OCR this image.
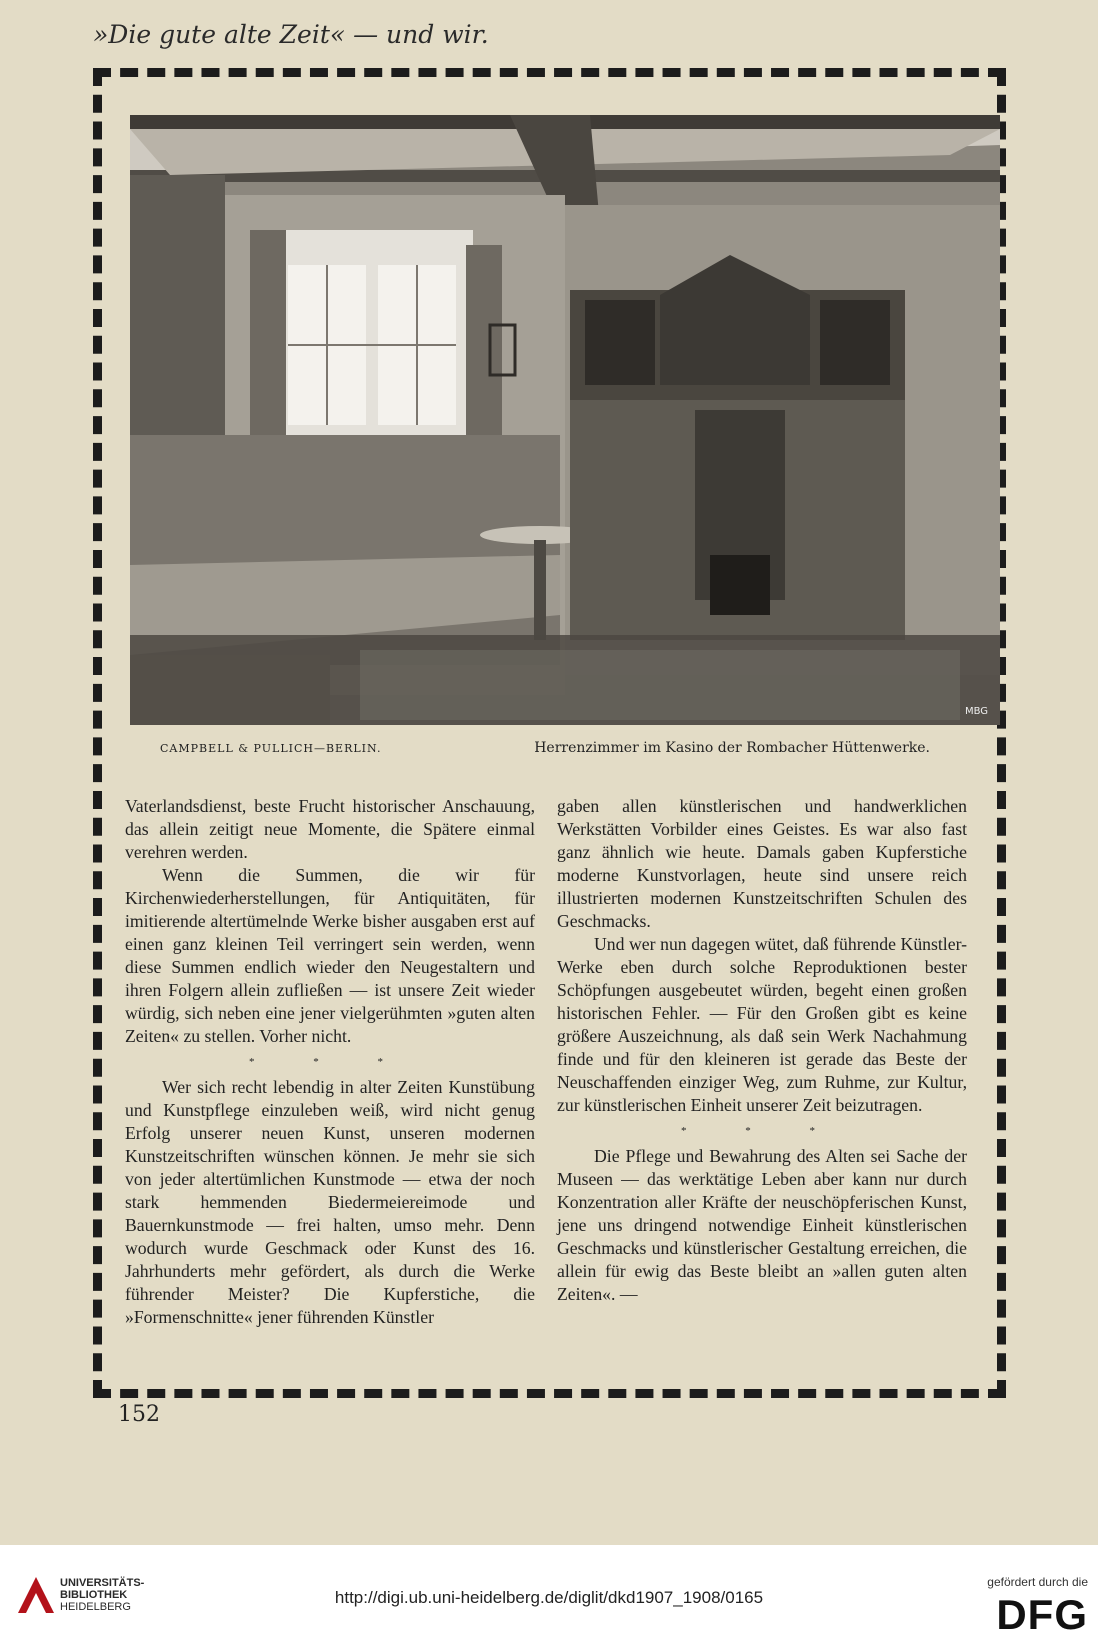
»Die gute alte Zeit« — und wir.
MBG
CAMPBELL & PULLICH—BERLIN.	Herrenzimmer im Kasino der Rombacher Hüttenwerke.

Vaterlandsdienst, beste Frucht historischer Anschauung, das allein zeitigt neue Momente, die Spätere einmal verehren werden.

Wenn die Summen, die wir für Kirchenwiederherstellungen, für Antiquitäten, für imitierende altertümelnde Werke bisher ausgaben erst auf einen ganz kleinen Teil verringert sein werden, wenn diese Summen endlich wieder den Neugestaltern und ihren Folgern allein zufließen — ist unsere Zeit wieder würdig, sich neben eine jener vielgerühmten »guten alten Zeiten« zu stellen. Vorher nicht.

* * *

Wer sich recht lebendig in alter Zeiten Kunstübung und Kunstpflege einzuleben weiß, wird nicht genug Erfolg unserer neuen Kunst, unseren modernen Kunstzeitschriften wünschen können. Je mehr sie sich von jeder altertümlichen Kunstmode — etwa der noch stark hemmenden Biedermeiereimode und Bauernkunstmode — frei halten, umso mehr. Denn wodurch wurde Geschmack oder Kunst des 16. Jahrhunderts mehr gefördert, als durch die Werke führender Meister? Die Kupferstiche, die »Formenschnitte« jener führenden Künstler

gaben allen künstlerischen und handwerklichen Werkstätten Vorbilder eines Geistes. Es war also fast ganz ähnlich wie heute. Damals gaben Kupferstiche moderne Kunstvorlagen, heute sind unsere reich illustrierten modernen Kunstzeitschriften Schulen des Geschmacks.

Und wer nun dagegen wütet, daß führende Künstler-Werke eben durch solche Reproduktionen bester Schöpfungen ausgebeutet würden, begeht einen großen historischen Fehler. — Für den Großen gibt es keine größere Auszeichnung, als daß sein Werk Nachahmung finde und für den kleineren ist gerade das Beste der Neuschaffenden einziger Weg, zum Ruhme, zur Kultur, zur künstlerischen Einheit unserer Zeit beizutragen.

* * *

Die Pflege und Bewahrung des Alten sei Sache der Museen — das werktätige Leben aber kann nur durch Konzentration aller Kräfte der neuschöpferischen Kunst, jene uns dringend notwendige Einheit künstlerischen Geschmacks und künstlerischer Gestaltung erreichen, die allein für ewig das Beste bleibt an »allen guten alten Zeiten«. —

152
UNIVERSITÄTS-
BIBLIOTHEK
HEIDELBERG	http://digi.ub.uni-heidelberg.de/diglit/dkd1907_1908/0165
gefördert durch die
DFG
